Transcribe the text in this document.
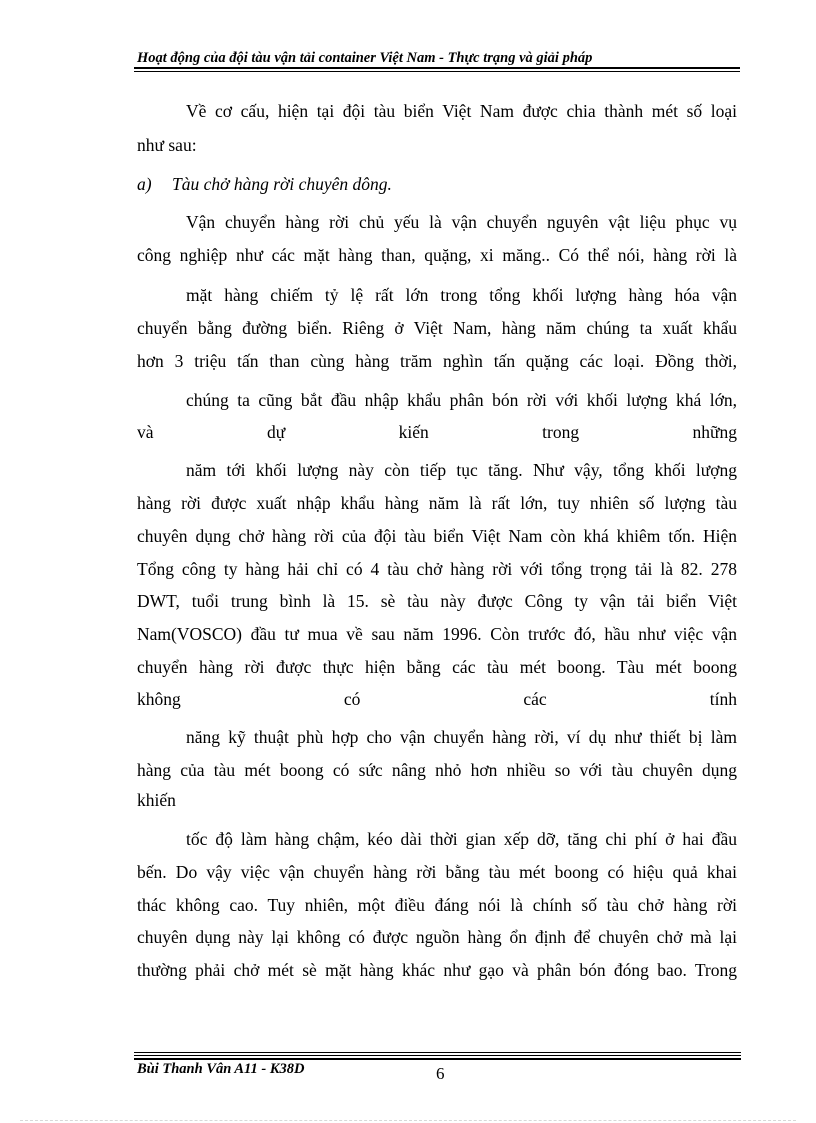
Hoạt động của đội tàu vận tải container Việt Nam - Thực trạng và giải pháp
Về cơ cấu, hiện tại đội tàu biển Việt Nam được chia thành mét số loại
như sau:
a) Tàu chở hàng rời chuyên dông.
Vận chuyển hàng rời chủ yếu là vận chuyển nguyên vật liệu phục vụ
công nghiệp như các mặt hàng than, quặng, xi măng.. Có thể nói, hàng rời là
mặt hàng chiếm tỷ lệ rất lớn trong tổng khối lượng hàng hóa vận
chuyển bằng đường biển. Riêng ở Việt Nam, hàng năm chúng ta xuất khẩu
hơn 3 triệu tấn than cùng hàng trăm nghìn tấn quặng các loại. Đồng thời,
chúng ta cũng bắt đầu nhập khẩu phân bón rời với khối lượng khá lớn,
và dự kiến trong những
năm tới khối lượng này còn tiếp tục tăng. Như vậy, tổng khối lượng
hàng rời được xuất nhập khẩu hàng năm là rất lớn, tuy nhiên số lượng tàu
chuyên dụng chở hàng rời của đội tàu biển Việt Nam còn khá khiêm tốn. Hiện
Tổng công ty hàng hải chỉ có 4 tàu chở hàng rời với tổng trọng tải là 82. 278
DWT, tuổi trung bình là 15. sè tàu này được Công ty vận tải biển Việt
Nam(VOSCO) đầu tư mua về sau năm 1996. Còn trước đó, hầu như việc vận
chuyển hàng rời được thực hiện bằng các tàu mét boong. Tàu mét boong
không có các tính
năng kỹ thuật phù hợp cho vận chuyển hàng rời, ví dụ như thiết bị làm
hàng của tàu mét boong có sức nâng nhỏ hơn nhiều so với tàu chuyên dụng
khiến
tốc độ làm hàng chậm, kéo dài thời gian xếp dỡ, tăng chi phí ở hai đầu
bến. Do vậy việc vận chuyển hàng rời bằng tàu mét boong có hiệu quả khai
thác không cao. Tuy nhiên, một điều đáng nói là chính số tàu chở hàng rời
chuyên dụng này lại không có được nguồn hàng ổn định để chuyên chở mà lại
thường phải chở mét sè mặt hàng khác như gạo và phân bón đóng bao. Trong
Bùi Thanh Vân A11 - K38D	6
